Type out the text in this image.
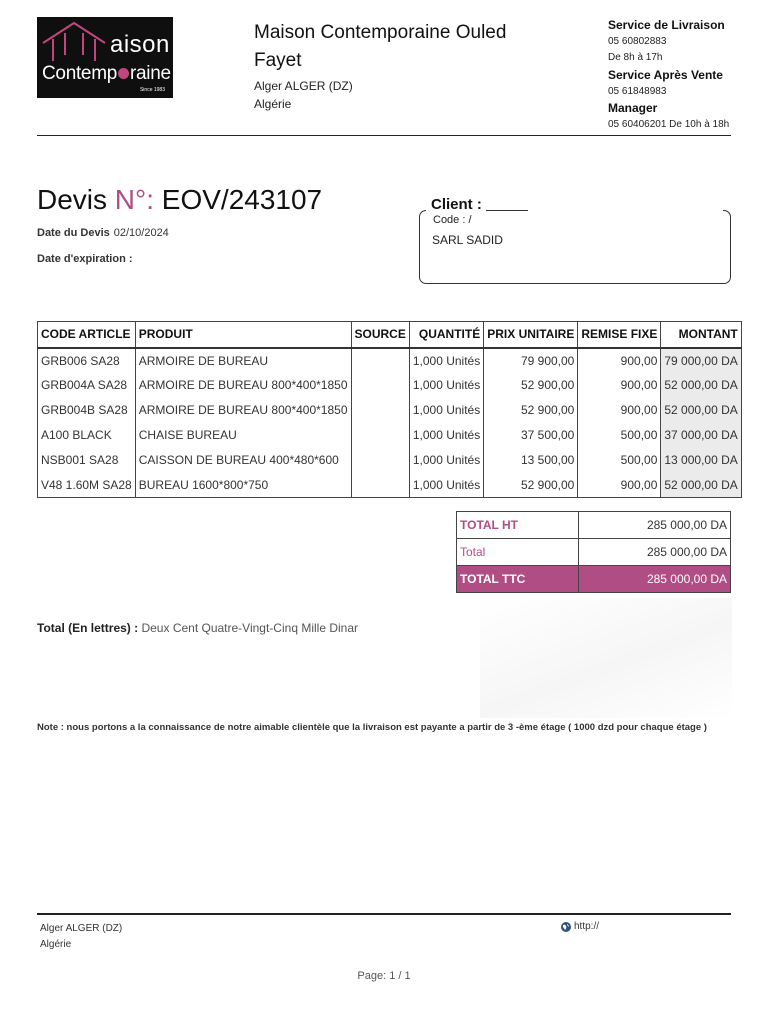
aison
Contemp raine
Since 1983
Maison Contemporaine Ouled Fayet
Alger ALGER (DZ)
Algérie
Service de Livraison
05 60802883
De 8h à 17h
Service Après Vente
05 61848983
Manager
05 60406201 De 10h à 18h
Devis N°: EOV/243107
Date du Devis 02/10/2024
Date d'expiration :
Client :
Code : /
SARL SADID
CODE ARTICLE	PRODUIT	SOURCE	QUANTITÉ	PRIX UNITAIRE	REMISE FIXE	MONTANT
GRB006 SA28	ARMOIRE DE BUREAU		1,000 Unités	79 900,00	900,00	79 000,00 DA
GRB004A SA28	ARMOIRE DE BUREAU 800*400*1850		1,000 Unités	52 900,00	900,00	52 000,00 DA
GRB004B SA28	ARMOIRE DE BUREAU 800*400*1850		1,000 Unités	52 900,00	900,00	52 000,00 DA
A100 BLACK	CHAISE BUREAU		1,000 Unités	37 500,00	500,00	37 000,00 DA
NSB001 SA28	CAISSON DE BUREAU 400*480*600		1,000 Unités	13 500,00	500,00	13 000,00 DA
V48 1.60M SA28	BUREAU 1600*800*750		1,000 Unités	52 900,00	900,00	52 000,00 DA
TOTAL HT	285 000,00 DA
Total	285 000,00 DA
TOTAL TTC	285 000,00 DA
Total (En lettres) : Deux Cent Quatre-Vingt-Cinq Mille Dinar
Note : nous portons a la connaissance de notre aimable clientèle que la livraison est payante a partir de 3 -ème étage ( 1000 dzd pour chaque étage )
Alger ALGER (DZ)
Algérie
http://
Page: 1 / 1
